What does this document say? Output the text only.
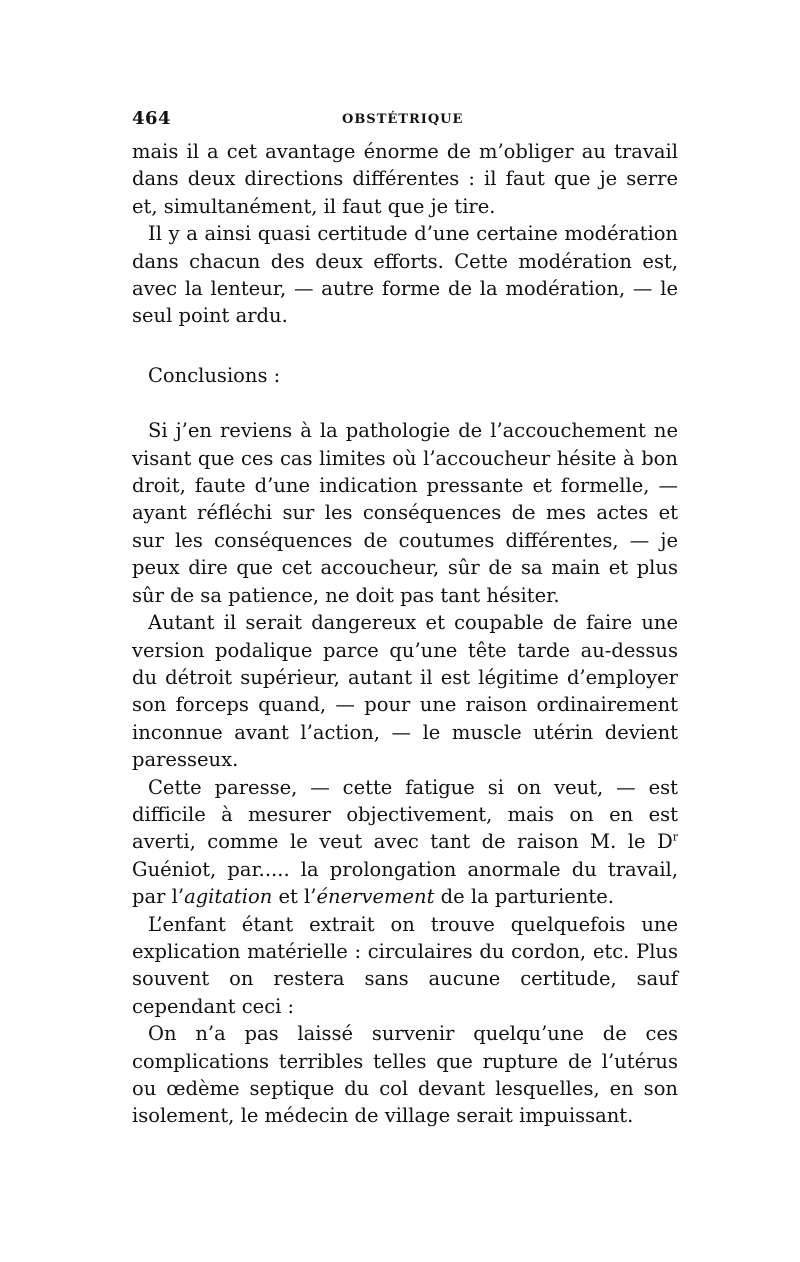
464	OBSTÉTRIQUE

mais il a cet avantage énorme de m’obliger au travail dans deux directions différentes : il faut que je serre et, simultanément, il faut que je tire.

Il y a ainsi quasi certitude d’une certaine modération dans chacun des deux efforts. Cette modération est, avec la lenteur, — autre forme de la modération, — le seul point ardu.

Conclusions :

Si j’en reviens à la pathologie de l’accouchement ne visant que ces cas limites où l’accoucheur hésite à bon droit, faute d’une indication pressante et formelle, — ayant réfléchi sur les conséquences de mes actes et sur les conséquences de coutumes différentes, — je peux dire que cet accoucheur, sûr de sa main et plus sûr de sa patience, ne doit pas tant hésiter.

Autant il serait dangereux et coupable de faire une version podalique parce qu’une tête tarde au-dessus du détroit supérieur, autant il est légitime d’employer son forceps quand, — pour une raison ordinairement inconnue avant l’action, — le muscle utérin devient paresseux.

Cette paresse, — cette fatigue si on veut, — est difficile à mesurer objectivement, mais on en est averti, comme le veut avec tant de raison M. le $D^r$ Guéniot, par..... la prolongation anormale du travail, par l’agitation et l’énervement de la parturiente.

L’enfant étant extrait on trouve quelquefois une explication matérielle : circulaires du cordon, etc. Plus souvent on restera sans aucune certitude, sauf cependant ceci :

On n’a pas laissé survenir quelqu’une de ces complications terribles telles que rupture de l’utérus ou œdème septique du col devant lesquelles, en son isolement, le médecin de village serait impuissant.
